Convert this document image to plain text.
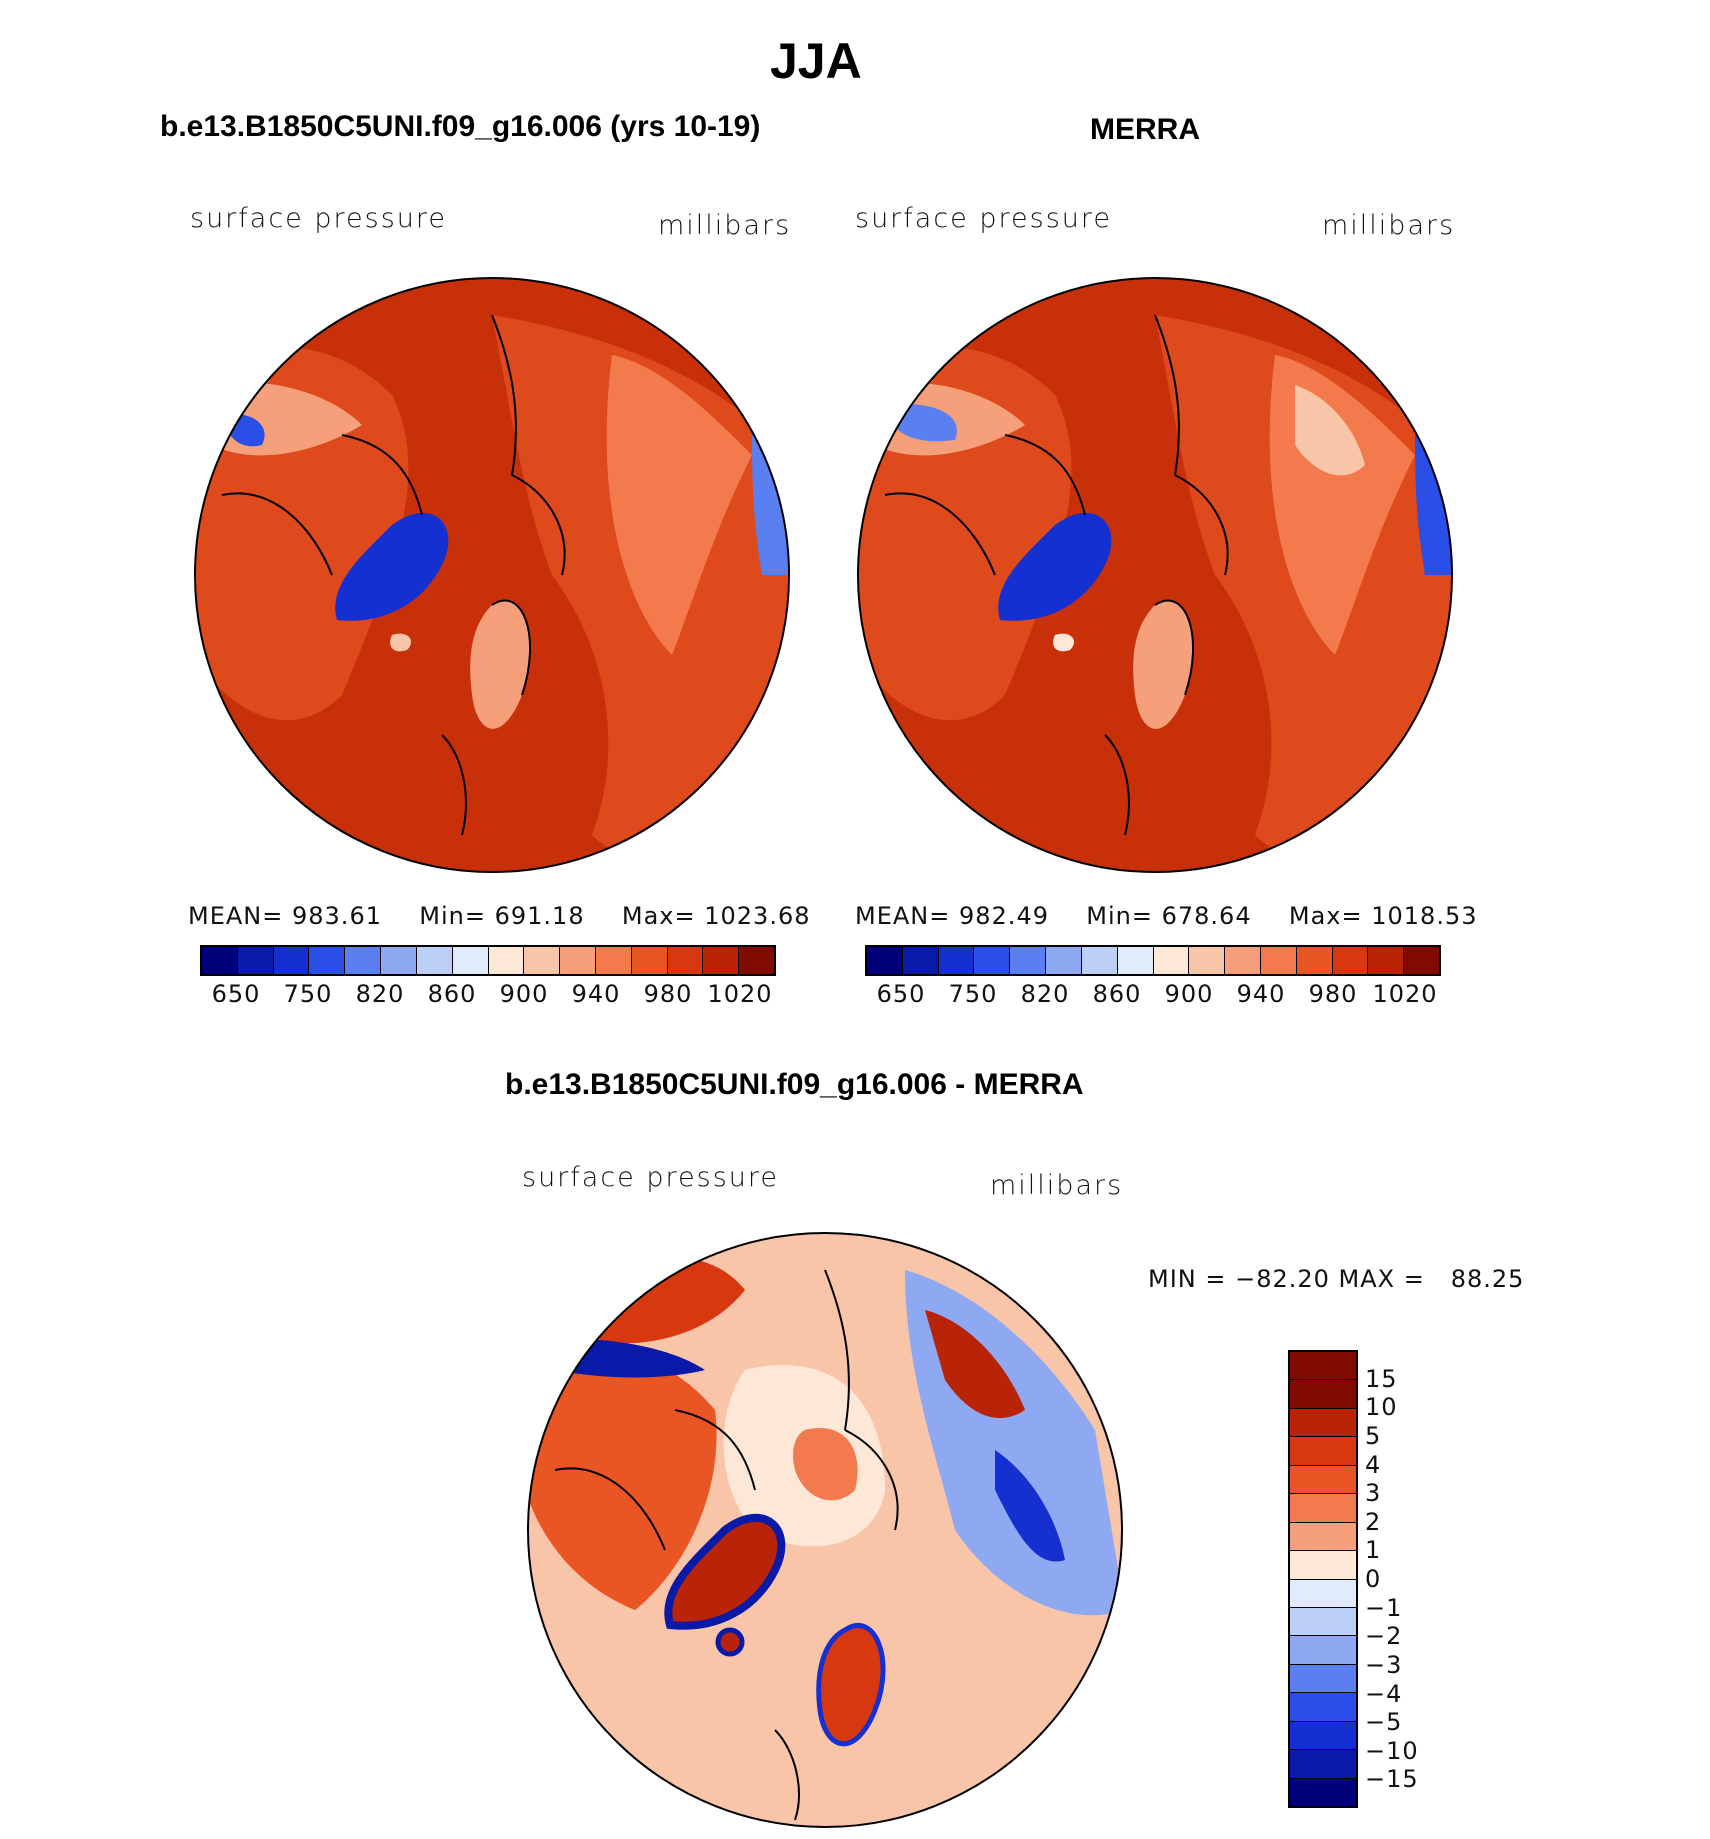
JJA
b.e13.B1850C5UNI.f09_g16.006 (yrs 10-19)
surface pressure	millibars
MEAN= 983.61 Min= 691.18 Max= 1023.68
650 750 820 860 900 940 980 1020
MERRA
surface pressure	millibars
MEAN= 982.49 Min= 678.64 Max= 1018.53
650 750 820 860 900 940 980 1020
b.e13.B1850C5UNI.f09_g16.006 - MERRA
surface pressure	millibars
MIN = −82.20 MAX =   88.25
15
10
5
4
3
2
1
0
−1
−2
−3
−4
−5
−10
−15
